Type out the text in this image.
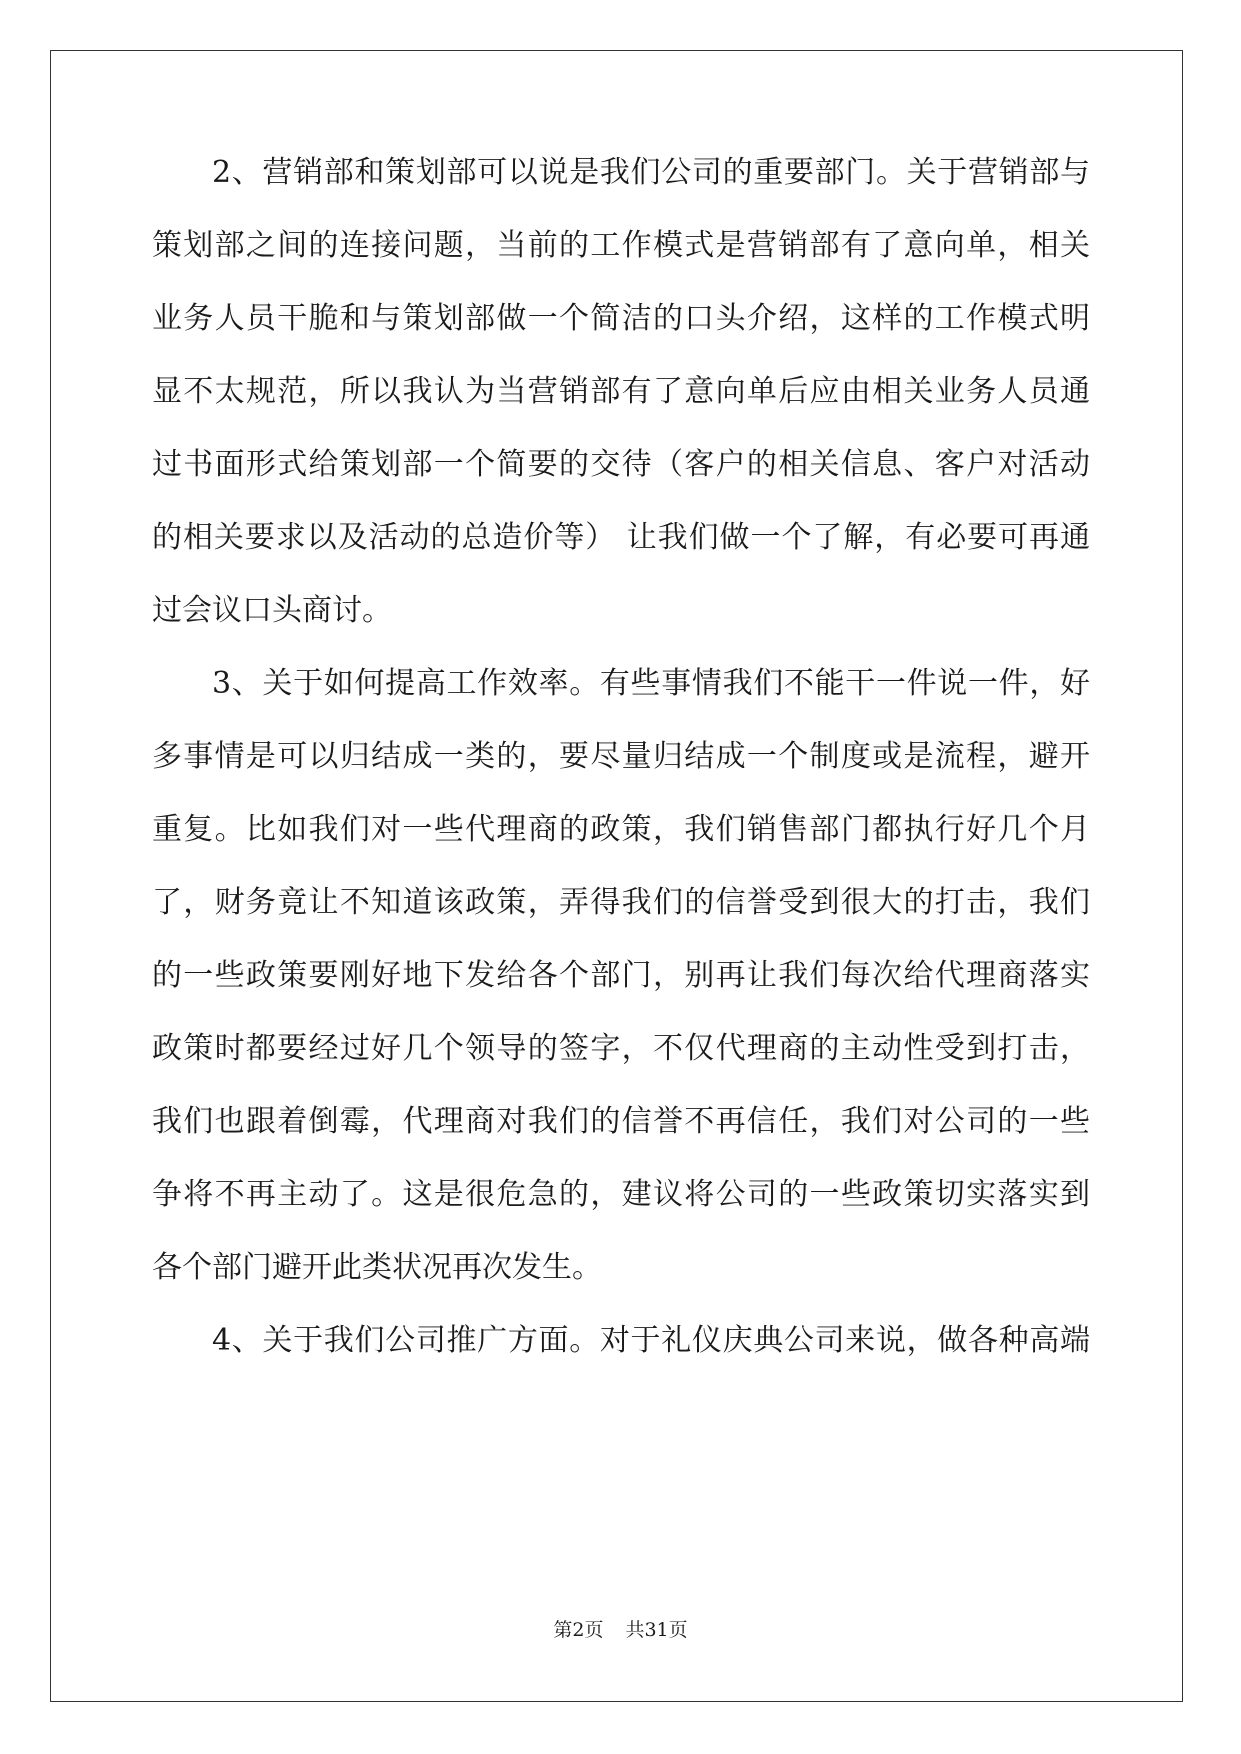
2、营销部和策划部可以说是我们公司的重要部门。关于营销部与
策划部之间的连接问题，当前的工作模式是营销部有了意向单，相关
业务人员干脆和与策划部做一个简洁的口头介绍，这样的工作模式明
显不太规范，所以我认为当营销部有了意向单后应由相关业务人员通
过书面形式给策划部一个简要的交待（客户的相关信息、客户对活动
的相关要求以及活动的总造价等） 让我们做一个了解，有必要可再通
过会议口头商讨。
3、关于如何提高工作效率。有些事情我们不能干一件说一件，好
多事情是可以归结成一类的，要尽量归结成一个制度或是流程，避开
重复。比如我们对一些代理商的政策，我们销售部门都执行好几个月
了，财务竟让不知道该政策，弄得我们的信誉受到很大的打击，我们
的一些政策要刚好地下发给各个部门，别再让我们每次给代理商落实
政策时都要经过好几个领导的签字，不仅代理商的主动性受到打击，
我们也跟着倒霉，代理商对我们的信誉不再信任，我们对公司的一些
争将不再主动了。这是很危急的，建议将公司的一些政策切实落实到
各个部门避开此类状况再次发生。
4、关于我们公司推广方面。对于礼仪庆典公司来说，做各种高端
第2页 共31页
